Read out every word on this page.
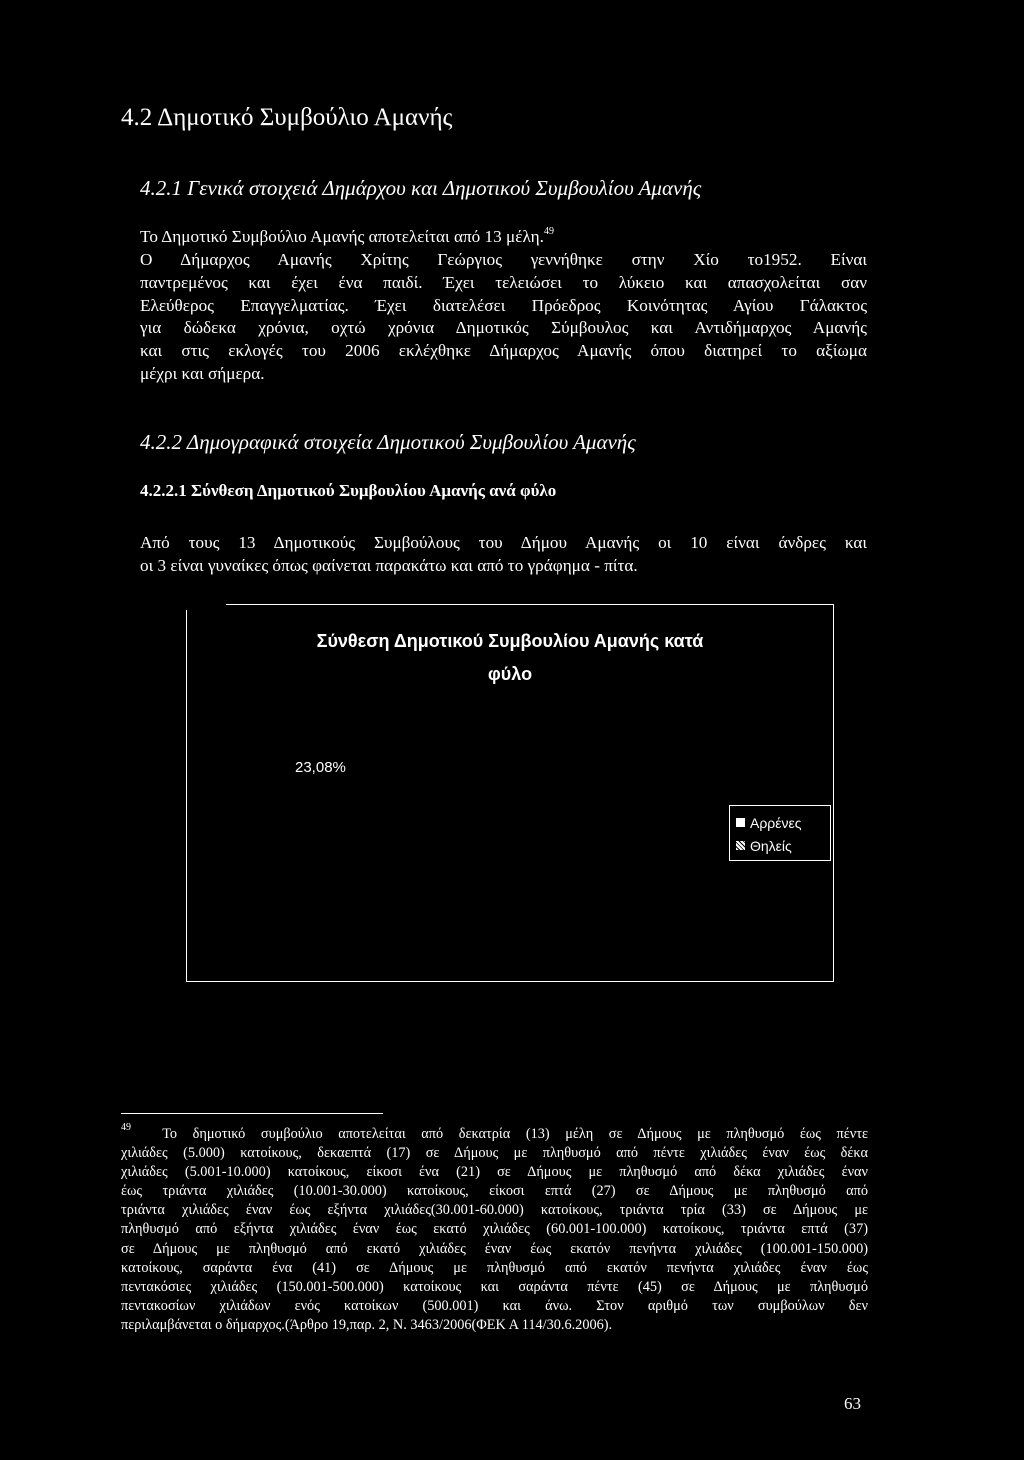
4.2 Δημοτικό Συμβούλιο Αμανής
4.2.1 Γενικά στοιχειά Δημάρχου και Δημοτικού Συμβουλίου Αμανής
Το Δημοτικό Συμβούλιο Αμανής αποτελείται από 13 μέλη.$^{49}$
Ο Δήμαρχος Αμανής Χρίτης Γεώργιος γεννήθηκε στην Χίο το1952. Είναι
παντρεμένος και έχει ένα παιδί. Έχει τελειώσει το λύκειο και απασχολείται σαν
Ελεύθερος Επαγγελματίας. Έχει διατελέσει Πρόεδρος Κοινότητας Αγίου Γάλακτος
για δώδεκα χρόνια, οχτώ χρόνια Δημοτικός Σύμβουλος και Αντιδήμαρχος Αμανής
και στις εκλογές του 2006 εκλέχθηκε Δήμαρχος Αμανής όπου διατηρεί το αξίωμα
μέχρι και σήμερα.
4.2.2 Δημογραφικά στοιχεία Δημοτικού Συμβουλίου Αμανής
4.2.2.1 Σύνθεση Δημοτικού Συμβουλίου Αμανής ανά φύλο
Από τους 13 Δημοτικούς Συμβούλους του Δήμου Αμανής οι 10 είναι άνδρες και
οι 3 είναι γυναίκες όπως φαίνεται παρακάτω και από το γράφημα - πίτα.
Σύνθεση Δημοτικού Συμβουλίου Αμανής κατά
φύλο
23,08%
Αρρένες
Θηλείς
$^{49}$ Το δημοτικό συμβούλιο αποτελείται από δεκατρία (13) μέλη σε Δήμους με πληθυσμό έως πέντε
χιλιάδες (5.000) κατοίκους, δεκαεπτά (17) σε Δήμους με πληθυσμό από πέντε χιλιάδες έναν έως δέκα
χιλιάδες (5.001-10.000) κατοίκους, είκοσι ένα (21) σε Δήμους με πληθυσμό από δέκα χιλιάδες έναν
έως τριάντα χιλιάδες (10.001-30.000) κατοίκους, είκοσι επτά (27) σε Δήμους με πληθυσμό από
τριάντα χιλιάδες έναν έως εξήντα χιλιάδες(30.001-60.000) κατοίκους, τριάντα τρία (33) σε Δήμους με
πληθυσμό από εξήντα χιλιάδες έναν έως εκατό χιλιάδες (60.001-100.000) κατοίκους, τριάντα επτά (37)
σε Δήμους με πληθυσμό από εκατό χιλιάδες έναν έως εκατόν πενήντα χιλιάδες (100.001-150.000)
κατοίκους, σαράντα ένα (41) σε Δήμους με πληθυσμό από εκατόν πενήντα χιλιάδες έναν έως
πεντακόσιες χιλιάδες (150.001-500.000) κατοίκους και σαράντα πέντε (45) σε Δήμους με πληθυσμό
πεντακοσίων χιλιάδων ενός κατοίκων (500.001) και άνω. Στον αριθμό των συμβούλων δεν
περιλαμβάνεται ο δήμαρχος.(Άρθρο 19,παρ. 2, Ν. 3463/2006(ΦΕΚ Α 114/30.6.2006).
63
